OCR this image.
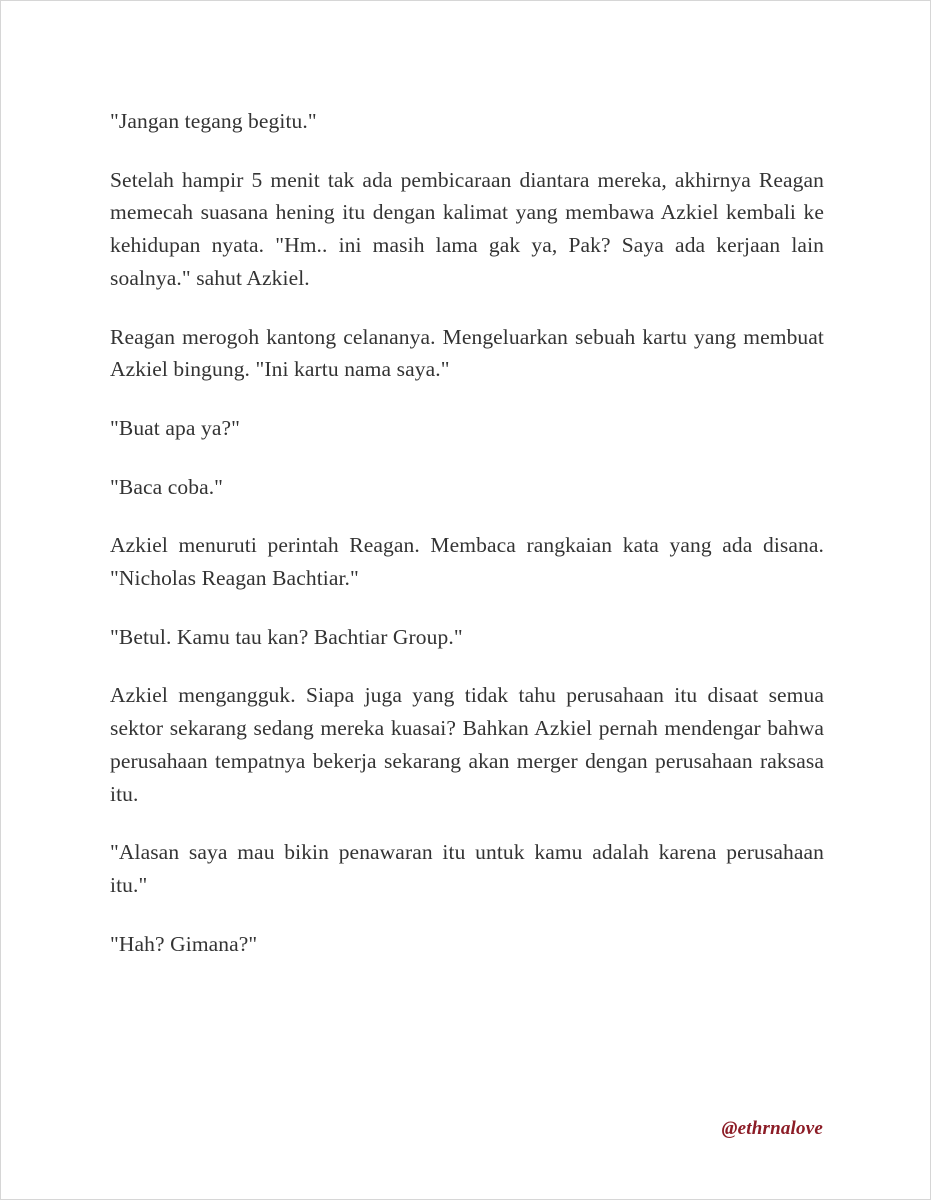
"Jangan tegang begitu."

Setelah hampir 5 menit tak ada pembicaraan diantara mereka, akhirnya Reagan memecah suasana hening itu dengan kalimat yang membawa Azkiel kembali ke kehidupan nyata. "Hm.. ini masih lama gak ya, Pak? Saya ada kerjaan lain soalnya." sahut Azkiel.

Reagan merogoh kantong celananya. Mengeluarkan sebuah kartu yang membuat Azkiel bingung. "Ini kartu nama saya."

"Buat apa ya?"

"Baca coba."

Azkiel menuruti perintah Reagan. Membaca rangkaian kata yang ada disana. "Nicholas Reagan Bachtiar."

"Betul. Kamu tau kan? Bachtiar Group."

Azkiel mengangguk. Siapa juga yang tidak tahu perusahaan itu disaat semua sektor sekarang sedang mereka kuasai? Bahkan Azkiel pernah mendengar bahwa perusahaan tempatnya bekerja sekarang akan merger dengan perusahaan raksasa itu.

"Alasan saya mau bikin penawaran itu untuk kamu adalah karena perusahaan itu."

"Hah? Gimana?"

@ethrnalove
